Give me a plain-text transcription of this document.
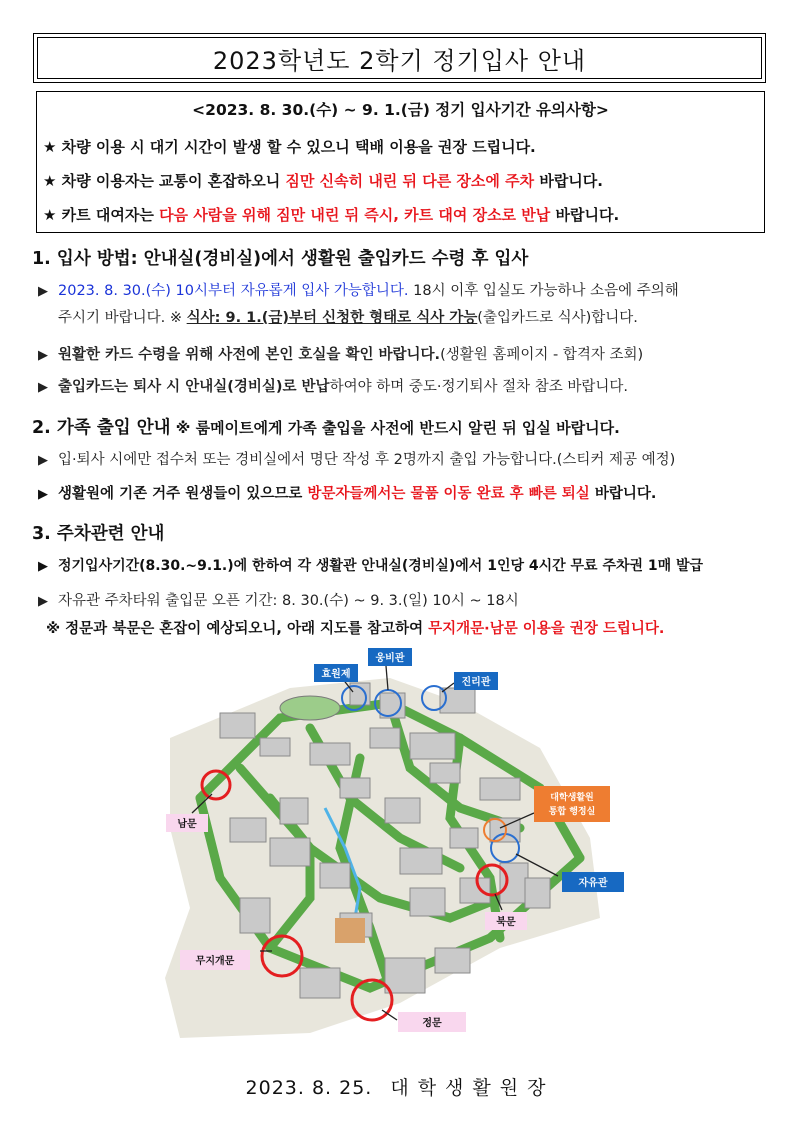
2023학년도 2학기 정기입사 안내
<2023. 8. 30.(수) ~ 9. 1.(금) 정기 입사기간 유의사항>
★ 차량 이용 시 대기 시간이 발생 할 수 있으니 택배 이용을 권장 드립니다.
★ 차량 이용자는 교통이 혼잡하오니 짐만 신속히 내린 뒤 다른 장소에 주차 바랍니다.
★ 카트 대여자는 다음 사람을 위해 짐만 내린 뒤 즉시, 카트 대여 장소로 반납 바랍니다.
1. 입사 방법: 안내실(경비실)에서 생활원 출입카드 수령 후 입사
▶ 2023. 8. 30.(수) 10시부터 자유롭게 입사 가능합니다. 18시 이후 입실도 가능하나 소음에 주의해
주시기 바랍니다. ※ 식사: 9. 1.(금)부터 신청한 형태로 식사 가능(출입카드로 식사)합니다.
▶ 원활한 카드 수령을 위해 사전에 본인 호실을 확인 바랍니다.(생활원 홈페이지 - 합격자 조회)
▶ 출입카드는 퇴사 시 안내실(경비실)로 반납하여야 하며 중도·정기퇴사 절차 참조 바랍니다.
2. 가족 출입 안내 ※ 룸메이트에게 가족 출입을 사전에 반드시 알린 뒤 입실 바랍니다.
▶ 입·퇴사 시에만 접수처 또는 경비실에서 명단 작성 후 2명까지 출입 가능합니다.(스티커 제공 예정)
▶ 생활원에 기존 거주 원생들이 있으므로 방문자들께서는 물품 이동 완료 후 빠른 퇴실 바랍니다.
3. 주차관련 안내
▶ 정기입사기간(8.30.~9.1.)에 한하여 각 생활관 안내실(경비실)에서 1인당 4시간 무료 주차권 1매 발급
▶ 자유관 주차타워 출입문 오픈 기간: 8. 30.(수) ~ 9. 3.(일) 10시 ~ 18시
※ 정문과 북문은 혼잡이 예상되오니, 아래 지도를 참고하여 무지개문·남문 이용을 권장 드립니다.
효원제
웅비관
진리관
남문
대학생활원
통합 행정실
자유관
북문
무지개문
정문
2023. 8. 25. 대학생활원장
